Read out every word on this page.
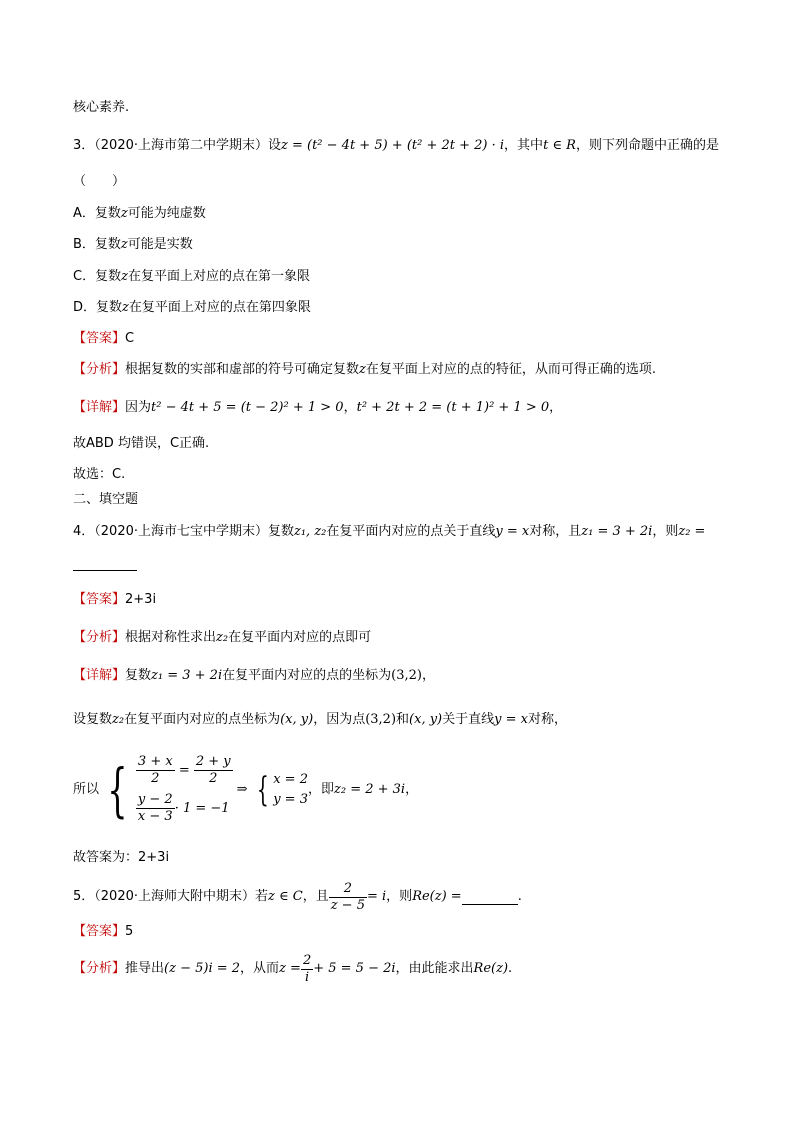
核心素养.
3．（2020·上海市第二中学期末）设z = (t² − 4t + 5) + (t² + 2t + 2) · i，其中t ∈ R，则下列命题中正确的是
（　　）
A．复数z可能为纯虚数
B．复数z可能是实数
C．复数z在复平面上对应的点在第一象限
D．复数z在复平面上对应的点在第四象限
【答案】C
【分析】根据复数的实部和虚部的符号可确定复数z在复平面上对应的点的特征，从而可得正确的选项.
【详解】因为t² − 4t + 5 = (t − 2)² + 1 > 0，t² + 2t + 2 = (t + 1)² + 1 > 0，
故ABD 均错误，C正确.
故选：C.
二、填空题
4．（2020·上海市七宝中学期末）复数z₁, z₂在复平面内对应的点关于直线y = x对称，且z₁ = 3 + 2i，则z₂ =
【答案】2+3i
【分析】根据对称性求出z₂在复平面内对应的点即可
【详解】复数z₁ = 3 + 2i在复平面内对应的点的坐标为(3,2)，
设复数z₂在复平面内对应的点坐标为(x, y)，因为点(3,2)和(x, y)关于直线y = x对称，
所以 { $\frac{3 + x}{2} = \frac{2 + y}{2}$
$\frac{y - 2}{x - 3} \cdot 1 = -1$
⇒ { x = 2
y = 3
，即z₂ = 2 + 3i，
故答案为：2+3i
5．（2020·上海师大附中期末）若z ∈ C，且 $\frac{2}{z - 5} = i$，则Re(z) =	.
【答案】5
【分析】推导出(z − 5)i = 2，从而$z = \frac{2}{i} + 5 = 5 - 2i$，由此能求出Re(z).
